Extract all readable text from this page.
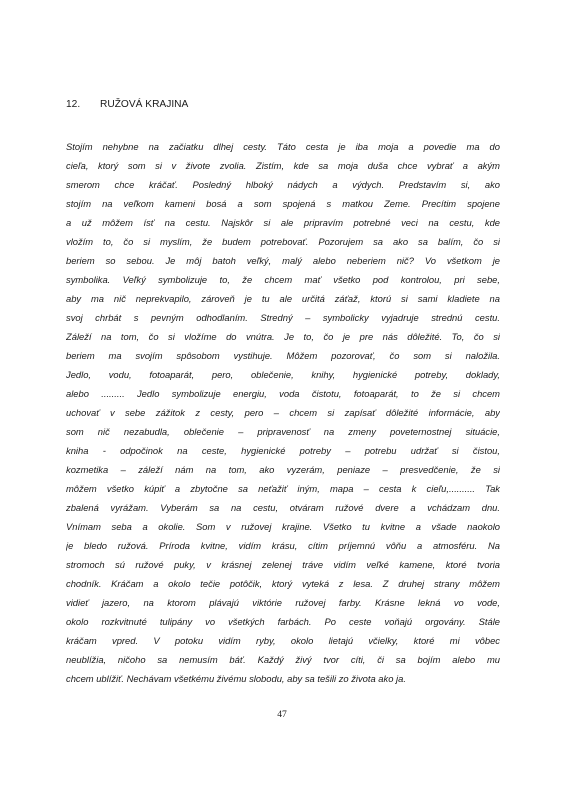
12. RUŽOVÁ KRAJINA
Stojím nehybne na začiatku dlhej cesty. Táto cesta je iba moja a povedie ma do
cieľa, ktorý som si v živote zvolia. Zistím, kde sa moja duša chce vybrať a akým
smerom chce kráčať. Posledný hlboký nádych a výdych. Predstavím si, ako
stojím na veľkom kameni bosá a som spojená s matkou Zeme. Precítim spojene
a už môžem ísť na cestu. Najskôr si ale pripravím potrebné veci na cestu, kde
vložím to, čo si myslím, že budem potrebovať. Pozorujem sa ako sa balím, čo si
beriem so sebou. Je môj batoh veľký, malý alebo neberiem nič? Vo všetkom je
symbolika. Veľký symbolizuje to, že chcem mať všetko pod kontrolou, pri sebe,
aby ma nič neprekvapilo, zároveň je tu ale určitá záťaž, ktorú si sami kladiete na
svoj chrbát s pevným odhodlaním. Stredný – symbolicky vyjadruje strednú cestu.
Záleží na tom, čo si vložíme do vnútra. Je to, čo je pre nás dôležité. To, čo si
beriem ma svojím spôsobom vystihuje. Môžem pozorovať, čo som si naložila.
Jedlo, vodu, fotoaparát, pero, oblečenie, knihy, hygienické potreby, doklady,
alebo ......... Jedlo symbolizuje energiu, voda čistotu, fotoaparát, to že si chcem
uchovať v sebe zážitok z cesty, pero – chcem si zapísať dôležité informácie, aby
som nič nezabudla, oblečenie – pripravenosť na zmeny poveternostnej situácie,
kniha - odpočinok na ceste, hygienické potreby – potrebu udržať si čistou,
kozmetika – záleží nám na tom, ako vyzerám, peniaze – presvedčenie, že si
môžem všetko kúpiť a zbytočne sa neťažiť iným, mapa – cesta k cieľu,.......... Tak
zbalená vyrážam. Vyberám sa na cestu, otváram ružové dvere a vchádzam dnu.
Vnímam seba a okolie. Som v ružovej krajine. Všetko tu kvitne a všade naokolo
je bledo ružová. Príroda kvitne, vidím krásu, cítim príjemnú vôňu a atmosféru. Na
stromoch sú ružové puky, v krásnej zelenej tráve vidím veľké kamene, ktoré tvoria
chodník. Kráčam a okolo tečie potôčik, ktorý vyteká z lesa. Z druhej strany môžem
vidieť jazero, na ktorom plávajú viktórie ružovej farby. Krásne lekná vo vode,
okolo rozkvitnuté tulipány vo všetkých farbách. Po ceste voňajú orgovány. Stále
kráčam vpred. V potoku vidím ryby, okolo lietajú včielky, ktoré mi vôbec
neublížia, ničoho sa nemusím báť. Každý živý tvor cíti, či sa bojím alebo mu
chcem ublížiť. Nechávam všetkému živému slobodu, aby sa tešili zo života ako ja.
47
